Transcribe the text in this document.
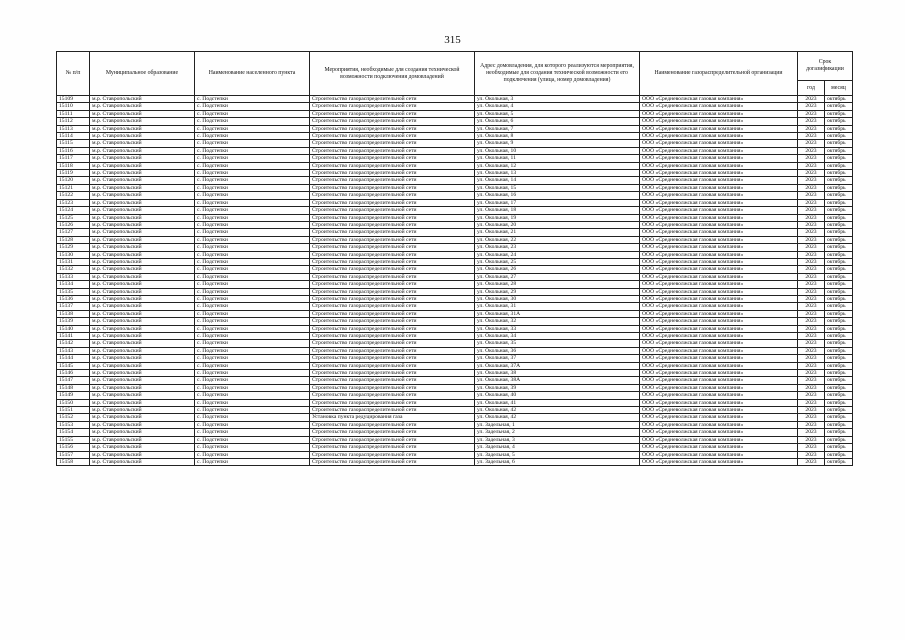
315
№ п/п	Муниципальное образование	Наименование населенного пункта	Мероприятия, необходимые для создания технической возможности подключения домовладений	Адрес домовладения, для которого реализуются мероприятия, необходимые для создания технической возможности его подключения (улица, номер домовладения)	Наименование газораспределительной организации	Срок догазификации	
						год	месяц
15109	м.р. Ставропольский	с. Подстепки	Строительство газораспределительной сети	ул. Окольная, 3	ООО «Средневолжская газовая компания»	2023	октябрь
15110	м.р. Ставропольский	с. Подстепки	Строительство газораспределительной сети	ул. Окольная, 4	ООО «Средневолжская газовая компания»	2023	октябрь
15111	м.р. Ставропольский	с. Подстепки	Строительство газораспределительной сети	ул. Окольная, 5	ООО «Средневолжская газовая компания»	2023	октябрь
15112	м.р. Ставропольский	с. Подстепки	Строительство газораспределительной сети	ул. Окольная, 6	ООО «Средневолжская газовая компания»	2023	октябрь
15113	м.р. Ставропольский	с. Подстепки	Строительство газораспределительной сети	ул. Окольная, 7	ООО «Средневолжская газовая компания»	2023	октябрь
15114	м.р. Ставропольский	с. Подстепки	Строительство газораспределительной сети	ул. Окольная, 8	ООО «Средневолжская газовая компания»	2023	октябрь
15115	м.р. Ставропольский	с. Подстепки	Строительство газораспределительной сети	ул. Окольная, 9	ООО «Средневолжская газовая компания»	2023	октябрь
15116	м.р. Ставропольский	с. Подстепки	Строительство газораспределительной сети	ул. Окольная, 10	ООО «Средневолжская газовая компания»	2023	октябрь
15117	м.р. Ставропольский	с. Подстепки	Строительство газораспределительной сети	ул. Окольная, 11	ООО «Средневолжская газовая компания»	2023	октябрь
15118	м.р. Ставропольский	с. Подстепки	Строительство газораспределительной сети	ул. Окольная, 12	ООО «Средневолжская газовая компания»	2023	октябрь
15119	м.р. Ставропольский	с. Подстепки	Строительство газораспределительной сети	ул. Окольная, 13	ООО «Средневолжская газовая компания»	2023	октябрь
15120	м.р. Ставропольский	с. Подстепки	Строительство газораспределительной сети	ул. Окольная, 14	ООО «Средневолжская газовая компания»	2023	октябрь
15121	м.р. Ставропольский	с. Подстепки	Строительство газораспределительной сети	ул. Окольная, 15	ООО «Средневолжская газовая компания»	2023	октябрь
15122	м.р. Ставропольский	с. Подстепки	Строительство газораспределительной сети	ул. Окольная, 16	ООО «Средневолжская газовая компания»	2023	октябрь
15123	м.р. Ставропольский	с. Подстепки	Строительство газораспределительной сети	ул. Окольная, 17	ООО «Средневолжская газовая компания»	2023	октябрь
15124	м.р. Ставропольский	с. Подстепки	Строительство газораспределительной сети	ул. Окольная, 18	ООО «Средневолжская газовая компания»	2023	октябрь
15125	м.р. Ставропольский	с. Подстепки	Строительство газораспределительной сети	ул. Окольная, 19	ООО «Средневолжская газовая компания»	2023	октябрь
15126	м.р. Ставропольский	с. Подстепки	Строительство газораспределительной сети	ул. Окольная, 20	ООО «Средневолжская газовая компания»	2023	октябрь
15127	м.р. Ставропольский	с. Подстепки	Строительство газораспределительной сети	ул. Окольная, 21	ООО «Средневолжская газовая компания»	2023	октябрь
15128	м.р. Ставропольский	с. Подстепки	Строительство газораспределительной сети	ул. Окольная, 22	ООО «Средневолжская газовая компания»	2023	октябрь
15129	м.р. Ставропольский	с. Подстепки	Строительство газораспределительной сети	ул. Окольная, 23	ООО «Средневолжская газовая компания»	2023	октябрь
15130	м.р. Ставропольский	с. Подстепки	Строительство газораспределительной сети	ул. Окольная, 24	ООО «Средневолжская газовая компания»	2023	октябрь
15131	м.р. Ставропольский	с. Подстепки	Строительство газораспределительной сети	ул. Окольная, 25	ООО «Средневолжская газовая компания»	2023	октябрь
15132	м.р. Ставропольский	с. Подстепки	Строительство газораспределительной сети	ул. Окольная, 26	ООО «Средневолжская газовая компания»	2023	октябрь
15133	м.р. Ставропольский	с. Подстепки	Строительство газораспределительной сети	ул. Окольная, 27	ООО «Средневолжская газовая компания»	2023	октябрь
15134	м.р. Ставропольский	с. Подстепки	Строительство газораспределительной сети	ул. Окольная, 28	ООО «Средневолжская газовая компания»	2023	октябрь
15135	м.р. Ставропольский	с. Подстепки	Строительство газораспределительной сети	ул. Окольная, 29	ООО «Средневолжская газовая компания»	2023	октябрь
15136	м.р. Ставропольский	с. Подстепки	Строительство газораспределительной сети	ул. Окольная, 30	ООО «Средневолжская газовая компания»	2023	октябрь
15137	м.р. Ставропольский	с. Подстепки	Строительство газораспределительной сети	ул. Окольная, 31	ООО «Средневолжская газовая компания»	2023	октябрь
15138	м.р. Ставропольский	с. Подстепки	Строительство газораспределительной сети	ул. Окольная, 31А	ООО «Средневолжская газовая компания»	2023	октябрь
15139	м.р. Ставропольский	с. Подстепки	Строительство газораспределительной сети	ул. Окольная, 32	ООО «Средневолжская газовая компания»	2023	октябрь
15140	м.р. Ставропольский	с. Подстепки	Строительство газораспределительной сети	ул. Окольная, 33	ООО «Средневолжская газовая компания»	2023	октябрь
15141	м.р. Ставропольский	с. Подстепки	Строительство газораспределительной сети	ул. Окольная, 34	ООО «Средневолжская газовая компания»	2023	октябрь
15142	м.р. Ставропольский	с. Подстепки	Строительство газораспределительной сети	ул. Окольная, 35	ООО «Средневолжская газовая компания»	2023	октябрь
15143	м.р. Ставропольский	с. Подстепки	Строительство газораспределительной сети	ул. Окольная, 36	ООО «Средневолжская газовая компания»	2023	октябрь
15144	м.р. Ставропольский	с. Подстепки	Строительство газораспределительной сети	ул. Окольная, 37	ООО «Средневолжская газовая компания»	2023	октябрь
15145	м.р. Ставропольский	с. Подстепки	Строительство газораспределительной сети	ул. Окольная, 37А	ООО «Средневолжская газовая компания»	2023	октябрь
15146	м.р. Ставропольский	с. Подстепки	Строительство газораспределительной сети	ул. Окольная, 38	ООО «Средневолжская газовая компания»	2023	октябрь
15147	м.р. Ставропольский	с. Подстепки	Строительство газораспределительной сети	ул. Окольная, 38А	ООО «Средневолжская газовая компания»	2023	октябрь
15148	м.р. Ставропольский	с. Подстепки	Строительство газораспределительной сети	ул. Окольная, 39	ООО «Средневолжская газовая компания»	2023	октябрь
15149	м.р. Ставропольский	с. Подстепки	Строительство газораспределительной сети	ул. Окольная, 40	ООО «Средневолжская газовая компания»	2023	октябрь
15150	м.р. Ставропольский	с. Подстепки	Строительство газораспределительной сети	ул. Окольная, 41	ООО «Средневолжская газовая компания»	2023	октябрь
15151	м.р. Ставропольский	с. Подстепки	Строительство газораспределительной сети	ул. Окольная, 42	ООО «Средневолжская газовая компания»	2023	октябрь
15152	м.р. Ставропольский	с. Подстепки	Установка пункта редуцирования газа	ул. Окольная, 42	ООО «Средневолжская газовая компания»	2023	октябрь
15153	м.р. Ставропольский	с. Подстепки	Строительство газораспределительной сети	ул. Задельная, 1	ООО «Средневолжская газовая компания»	2023	октябрь
15154	м.р. Ставропольский	с. Подстепки	Строительство газораспределительной сети	ул. Задельная, 2	ООО «Средневолжская газовая компания»	2023	октябрь
15155	м.р. Ставропольский	с. Подстепки	Строительство газораспределительной сети	ул. Задельная, 3	ООО «Средневолжская газовая компания»	2023	октябрь
15156	м.р. Ставропольский	с. Подстепки	Строительство газораспределительной сети	ул. Задельная, 4	ООО «Средневолжская газовая компания»	2023	октябрь
15157	м.р. Ставропольский	с. Подстепки	Строительство газораспределительной сети	ул. Задельная, 5	ООО «Средневолжская газовая компания»	2023	октябрь
15158	м.р. Ставропольский	с. Подстепки	Строительство газораспределительной сети	ул. Задельная, 6	ООО «Средневолжская газовая компания»	2023	октябрь
